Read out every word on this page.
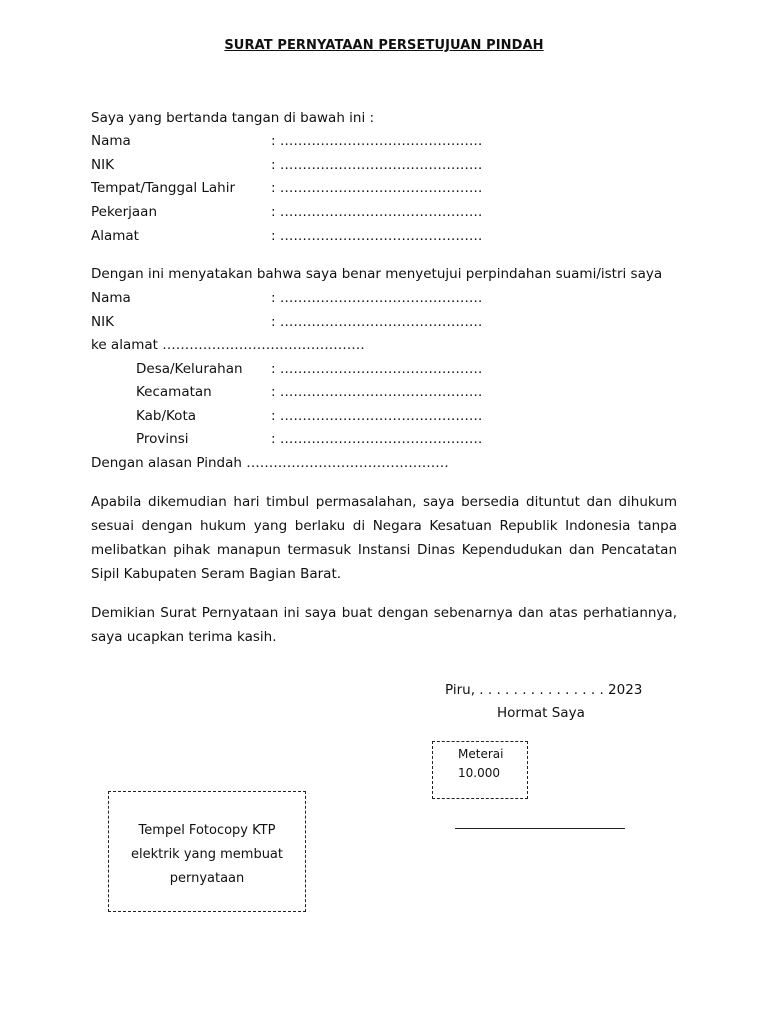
SURAT PERNYATAAN PERSETUJUAN PINDAH
Saya yang bertanda tangan di bawah ini :
Nama	: ………………………………………
NIK	: ………………………………………
Tempat/Tanggal Lahir	: ………………………………………
Pekerjaan	: ………………………………………
Alamat	: ………………………………………
Dengan ini menyatakan bahwa saya benar menyetujui perpindahan suami/istri saya
Nama	: ………………………………………
NIK	: ………………………………………
ke alamat ………………………………………
Desa/Kelurahan : ………………………………………
Kecamatan	: ………………………………………
Kab/Kota	: ………………………………………
Provinsi	: ………………………………………
Dengan alasan Pindah ………………………………………
Apabila dikemudian hari timbul permasalahan, saya bersedia dituntut dan dihukum sesuai dengan hukum yang berlaku di Negara Kesatuan Republik Indonesia tanpa melibatkan pihak manapun termasuk Instansi Dinas Kependudukan dan Pencatatan Sipil Kabupaten Seram Bagian Barat.
Demikian Surat Pernyataan ini saya buat dengan sebenarnya dan atas perhatiannya, saya ucapkan terima kasih.
Piru, . . . . . . . . . . . . . . . 2023
Hormat Saya
Meterai
10.000
Tempel Fotocopy KTP
elektrik yang membuat
pernyataan
